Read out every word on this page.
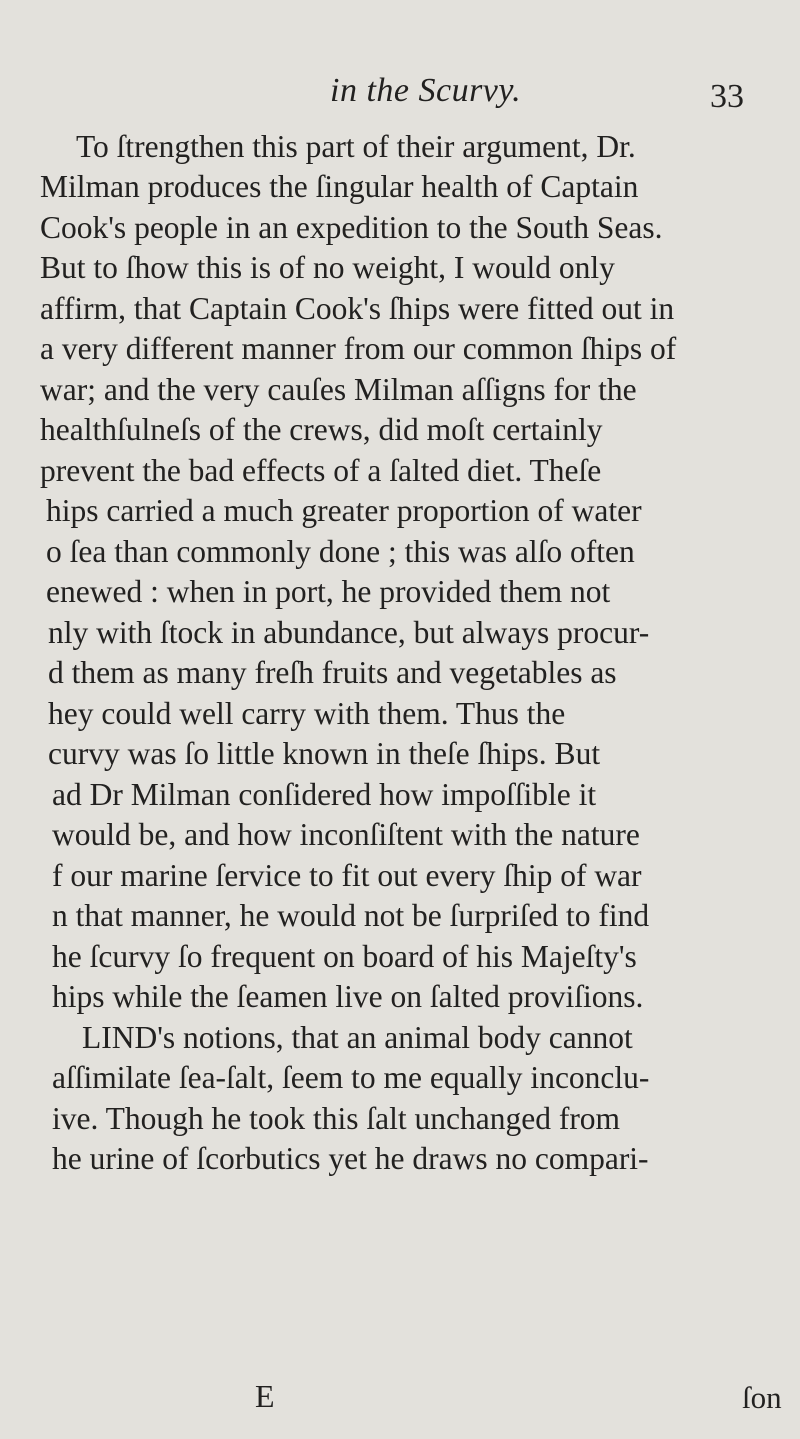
in the Scurvy.	33
To ſtrengthen this part of their argument, Dr.
Milman produces the ſingular health of Captain
Cook's people in an expedition to the South Seas.
But to ſhow this is of no weight, I would only
affirm, that Captain Cook's ſhips were fitted out in
a very different manner from our common ſhips of
war; and the very cauſes Milman aſſigns for the
healthſulneſs of the crews, did moſt certainly
prevent the bad effects of a ſalted diet. Theſe
hips carried a much greater proportion of water
o ſea than commonly done ; this was alſo often
enewed : when in port, he provided them not
nly with ſtock in abundance, but always procur-
d them as many freſh fruits and vegetables as
hey could well carry with them. Thus the
curvy was ſo little known in theſe ſhips. But
ad Dr Milman conſidered how impoſſible it
would be, and how inconſiſtent with the nature
f our marine ſervice to fit out every ſhip of war
n that manner, he would not be ſurpriſed to find
he ſcurvy ſo frequent on board of his Majeſty's
hips while the ſeamen live on ſalted proviſions.
LIND's notions, that an animal body cannot
aſſimilate ſea-ſalt, ſeem to me equally inconclu-
ive. Though he took this ſalt unchanged from
he urine of ſcorbutics yet he draws no compari-
E	ſon
